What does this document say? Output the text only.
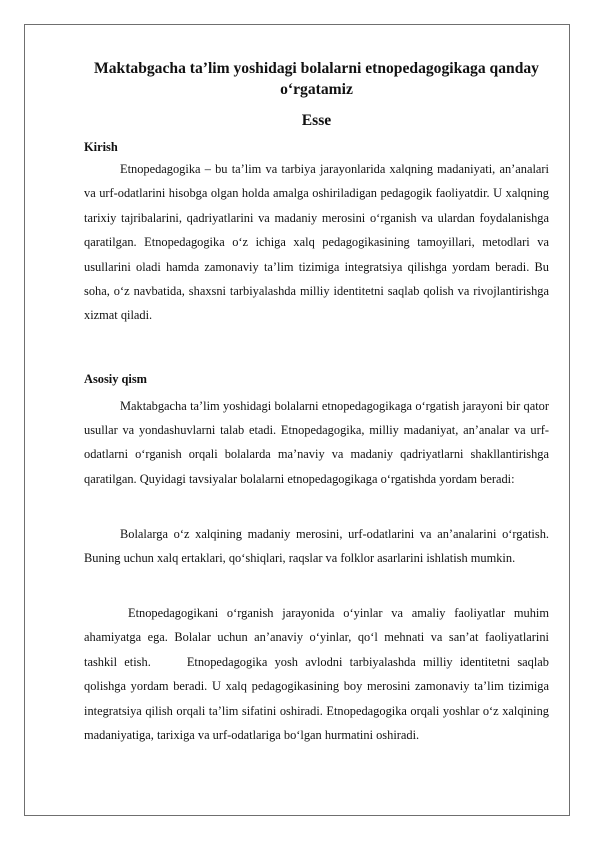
Maktabgacha ta’lim yoshidagi bolalarni etnopedagogikaga qanday o‘rgatamiz
Esse
Kirish

Etnopedagogika – bu ta’lim va tarbiya jarayonlarida xalqning madaniyati, an’analari va urf-odatlarini hisobga olgan holda amalga oshiriladigan pedagogik faoliyatdir. U xalqning tarixiy tajribalarini, qadriyatlarini va madaniy merosini o‘rganish va ulardan foydalanishga qaratilgan. Etnopedagogika o‘z ichiga xalq pedagogikasining tamoyillari, metodlari va usullarini oladi hamda zamonaviy ta’lim tizimiga integratsiya qilishga yordam beradi. Bu soha, o‘z navbatida, shaxsni tarbiyalashda milliy identitetni saqlab qolish va rivojlantirishga xizmat qiladi.

Asosiy qism

Maktabgacha ta’lim yoshidagi bolalarni etnopedagogikaga o‘rgatish jarayoni bir qator usullar va yondashuvlarni talab etadi. Etnopedagogika, milliy madaniyat, an’analar va urf-odatlarni o‘rganish orqali bolalarda ma’naviy va madaniy qadriyatlarni shakllantirishga qaratilgan. Quyidagi tavsiyalar bolalarni etnopedagogikaga o‘rgatishda yordam beradi:

Bolalarga o‘z xalqining madaniy merosini, urf-odatlarini va an’analarini o‘rgatish. Buning uchun xalq ertaklari, qo‘shiqlari, raqslar va folklor asarlarini ishlatish mumkin.

Etnopedagogikani o‘rganish jarayonida o‘yinlar va amaliy faoliyatlar muhim ahamiyatga ega. Bolalar uchun an’anaviy o‘yinlar, qo‘l mehnati va san’at faoliyatlarini tashkil etish.	Etnopedagogika yosh avlodni tarbiyalashda milliy identitetni saqlab qolishga yordam beradi. U xalq pedagogikasining boy merosini zamonaviy ta’lim tizimiga integratsiya qilish orqali ta’lim sifatini oshiradi. Etnopedagogika orqali yoshlar o‘z xalqining madaniyatiga, tarixiga va urf-odatlariga bo‘lgan hurmatini oshiradi.
